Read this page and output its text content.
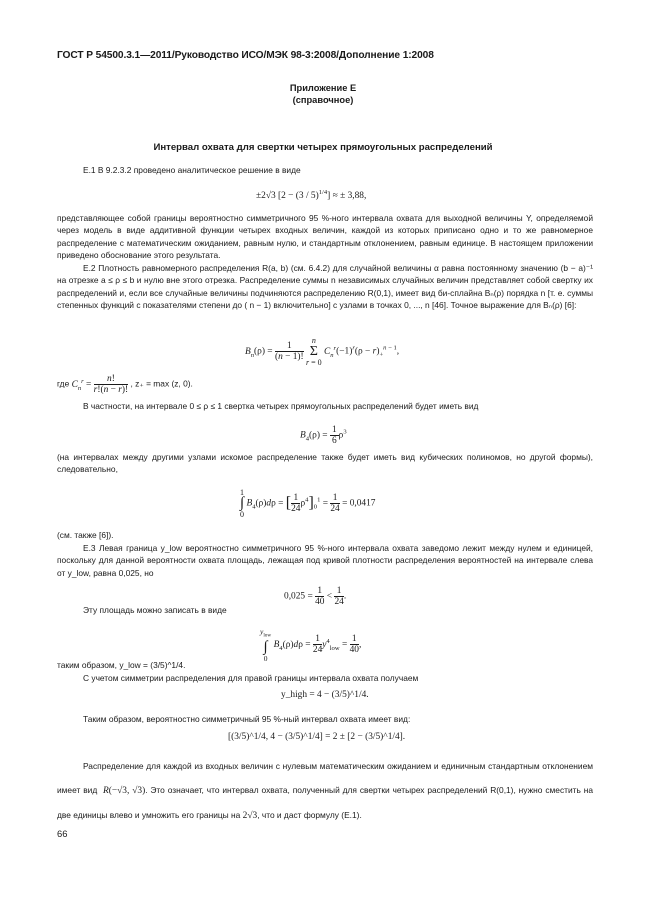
ГОСТ Р 54500.3.1—2011/Руководство ИСО/МЭК 98-3:2008/Дополнение 1:2008
Приложение Е
(справочное)
Интервал охвата для свертки четырех прямоугольных распределений
Е.1 В 9.2.3.2 проведено аналитическое решение в виде
±2√3 [2 − (3 / 5)$^{1/4}$] ≈ ± 3,88,

представляющее собой границы вероятностно симметричного 95 %-ного интервала охвата для выходной величины Y, определяемой через модель в виде аддитивной функции четырех входных величин, каждой из которых приписано одно и то же равномерное распределение с математическим ожиданием, равным нулю, и стандартным отклонением, равным единице. В настоящем приложении приведено обоснование этого результата.

Е.2 Плотность равномерного распределения R(a, b) (см. 6.4.2) для случайной величины α равна постоянному значению (b − a)⁻¹ на отрезке a ≤ ρ ≤ b и нулю вне этого отрезка. Распределение суммы n независимых случайных величин представляет собой свертку их распределений и, если все случайные величины подчиняются распределению R(0,1), имеет вид би-сплайна Bₙ(ρ) порядка n [т. е. суммы степенных функций с показателями степени до ( n − 1) включительно] с узлами в точках 0, ..., n [46]. Точное выражение для Bₙ(ρ) [6]:

$B_n(\rho) = \frac{1}{(n - 1)!}$

n
Σ
r = 0
$C_n^r(-1)^r(\rho - r)_+^{n - 1}$,
где $C_n^r = \frac{n!}{r!(n - r)!}$ , z₊ = max (z, 0).

В частности, на интервале 0 ≤ ρ ≤ 1 свертка четырех прямоугольных распределений будет иметь вид

$B_4(\rho) = \frac{1}{6} \rho^3$

(на интервалах между другими узлами искомое распределение также будет иметь вид кубических полиномов, но другой формы), следовательно,

1
∫
0
$B_4(\rho)d\rho$ = [ $\frac{1}{24} \rho^4]_0^1 = \frac{1}{24} = 0,0417$
(см. также [6]).

Е.3 Левая граница y_low вероятностно симметричного 95 %-ного интервала охвата заведомо лежит между нулем и единицей, поскольку для данной вероятности охвата площадь, лежащая под кривой плотности распределения вероятностей на интервале слева от y_low, равна 0,025, но

$0,025 = \frac{1}{40} < \frac{1}{24}$ .
Эту площадь можно записать в виде
$y_{low}$
∫
0
$B_4(\rho)d\rho = \frac{1}{24} y^4_{low} = \frac{1}{40}$ ,
таким образом, y_low = (3/5)^1/4.
С учетом симметрии распределения для правой границы интервала охвата получаем
y_high = 4 − (3/5)^1/4.
Таким образом, вероятностно симметричный 95 %-ный интервал охвата имеет вид:
[(3/5)^1/4, 4 − (3/5)^1/4] = 2 ± [2 − (3/5)^1/4].

Распределение для каждой из входных величин с нулевым математическим ожиданием и единичным стандартным отклонением имеет вид R(−√3, √3). Это означает, что интервал охвата, полученный для свертки четырех распределений R(0,1), нужно сместить на две единицы влево и умножить его границы на 2√3, что и даст формулу (Е.1).

66
